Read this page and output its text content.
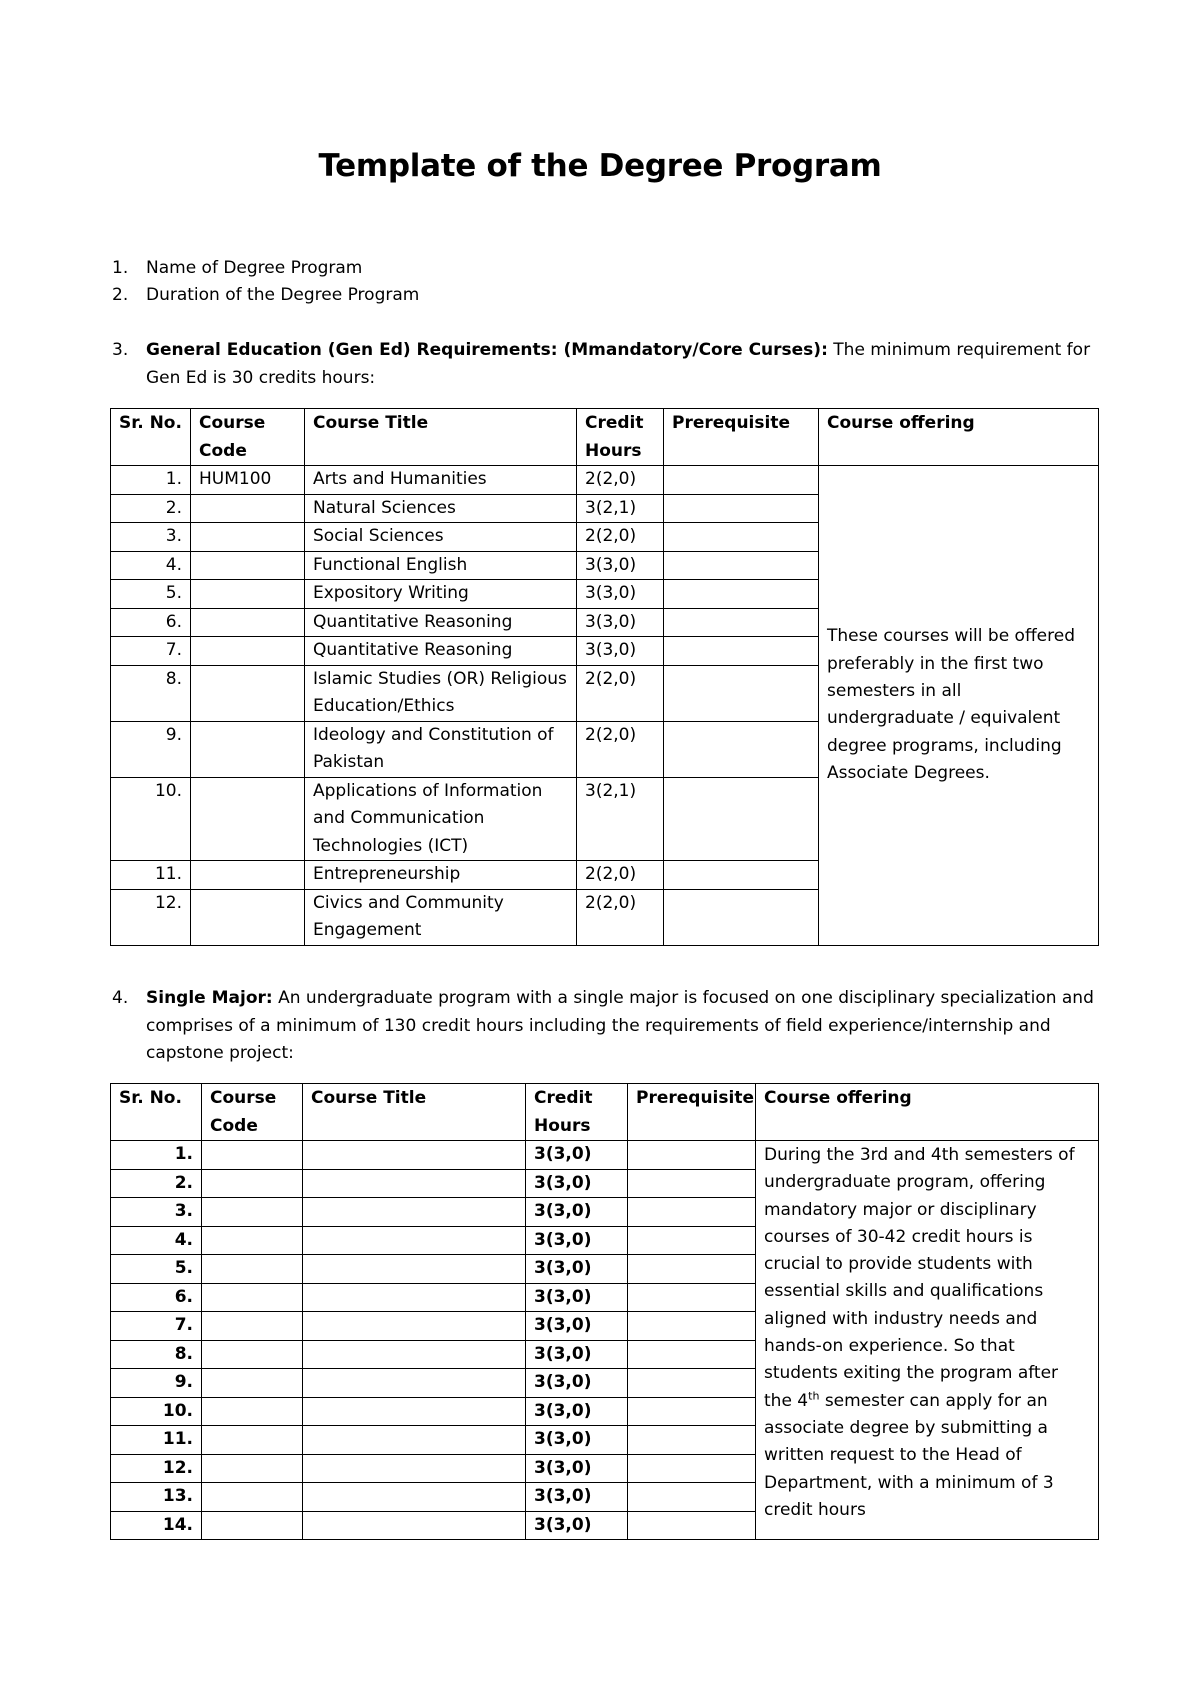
Template of the Degree Program
1. Name of Degree Program
2. Duration of the Degree Program
3. General Education (Gen Ed) Requirements: (Mmandatory/Core Curses): The minimum requirement for Gen Ed is 30 credits hours:
Sr. No.	Course Code	Course Title	Credit Hours	Prerequisite	Course offering
1.	HUM100	Arts and Humanities	2(2,0)		These courses will be offered preferably in the first two semesters in all undergraduate / equivalent degree programs, including Associate Degrees.
2.		Natural Sciences	3(2,1)		
3.		Social Sciences	2(2,0)		
4.		Functional English	3(3,0)		
5.		Expository Writing	3(3,0)		
6.		Quantitative Reasoning	3(3,0)		
7.		Quantitative Reasoning	3(3,0)		
8.		Islamic Studies (OR) Religious Education/Ethics	2(2,0)		
9.		Ideology and Constitution of Pakistan	2(2,0)		
10.		Applications of Information and Communication Technologies (ICT)	3(2,1)		
11.		Entrepreneurship	2(2,0)		
12.		Civics and Community Engagement	2(2,0)		
4. Single Major: An undergraduate program with a single major is focused on one disciplinary specialization and comprises of a minimum of 130 credit hours including the requirements of field experience/internship and capstone project:
Sr. No.	Course Code	Course Title	Credit Hours	Prerequisite	Course offering
1.			3(3,0)		During the 3rd and 4th semesters of undergraduate program, offering mandatory major or disciplinary courses of 30-42 credit hours is crucial to provide students with essential skills and qualifications aligned with industry needs and hands-on experience. So that students exiting the program after the 4th semester can apply for an associate degree by submitting a written request to the Head of Department, with a minimum of 3 credit hours
2.			3(3,0)		
3.			3(3,0)		
4.			3(3,0)		
5.			3(3,0)		
6.			3(3,0)		
7.			3(3,0)		
8.			3(3,0)		
9.			3(3,0)		
10.			3(3,0)		
11.			3(3,0)		
12.			3(3,0)		
13.			3(3,0)		
14.			3(3,0)		
